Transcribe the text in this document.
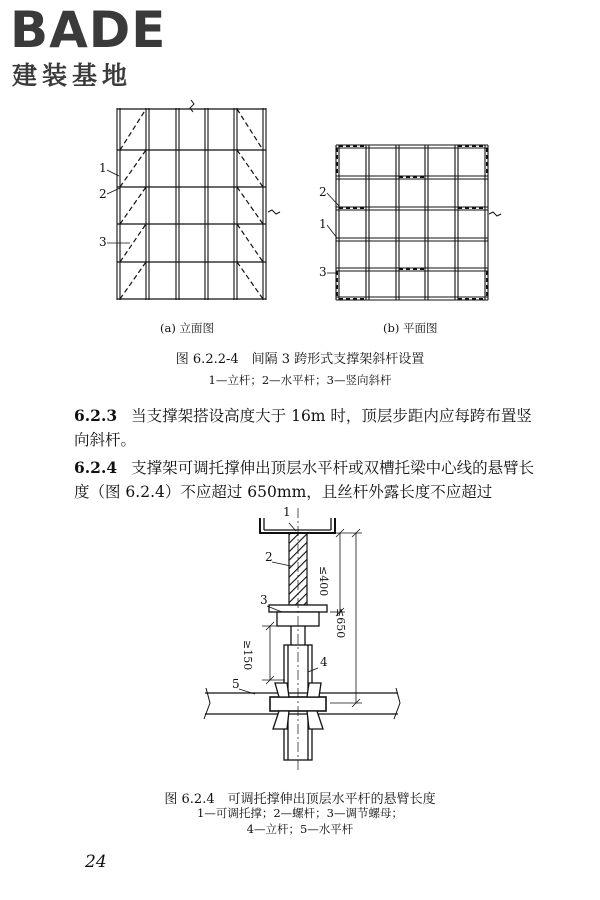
BADE
建装基地
1
2
3
(a) 立面图
2
1
3
(b) 平面图
图 6.2.2-4　间隔 3 跨形式支撑架斜杆设置
1—立杆；2—水平杆；3—竖向斜杆
6.2.3 当支撑架搭设高度大于 16m 时，顶层步距内应每跨布置竖向斜杆。
6.2.4 支撑架可调托撑伸出顶层水平杆或双槽托梁中心线的悬臂长度（图 6.2.4）不应超过 650mm，且丝杆外露长度不应超过
1
2
3
4
5
≤400
≤650
≥150
图 6.2.4　可调托撑伸出顶层水平杆的悬臂长度
1—可调托撑；2—螺杆；3—调节螺母；
4—立杆；5—水平杆
24
